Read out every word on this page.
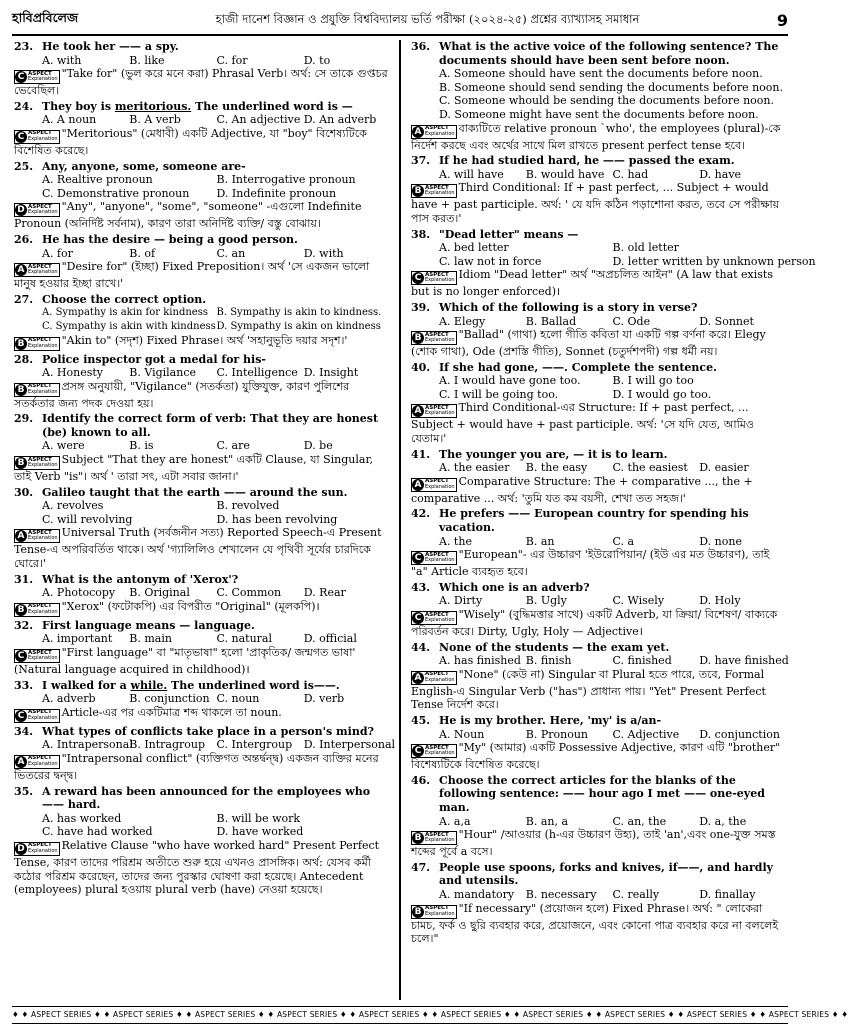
হাবিপ্রবিলেজ	হাজী দানেশ বিজ্ঞান ও প্রযুক্তি বিশ্ববিদ্যালয় ভর্তি পরীক্ষা (২০২৪-২৫) প্রশ্নের ব্যাখ্যাসহ সমাধান	9
23. He took her —— a spy.
A. with	B. like	C. for	D. to
C ASPECT
Explanation "Take for" (ভুল করে মনে করা) Phrasal Verb। অর্থ: সে তাকে গুপ্তচর ভেবেছিল।
24. They boy is meritorious. The underlined word is —
A. A noun	B. A verb	C. An adjective D. An adverb
C ASPECT
Explanation "Meritorious" (মেধাবী) একটি Adjective, যা "boy" বিশেষ্যটিকে বিশেষিত করেছে।
25. Any, anyone, some, someone are-
A. Realtive pronoun	B. Interrogative pronoun
C. Demonstrative pronoun	D. Indefinite pronoun
D ASPECT
Explanation "Any", "anyone", "some", "someone" -এগুলো Indefinite Pronoun (অনির্দিষ্ট সর্বনাম), কারণ তারা অনির্দিষ্ট ব্যক্তি/ বস্তু বোঝায়।
26. He has the desire — being a good person.
A. for	B. of	C. an	D. with
A ASPECT
Explanation "Desire for" (ইচ্ছা) Fixed Preposition। অর্থ 'সে একজন ভালো মানুষ হওয়ার ইচ্ছা রাখে।'
27. Choose the correct option.
A. Sympathy is akin for kindness B. Sympathy is akin to kindness.
C. Sympathy is akin with kindness D. Sympathy is akin on kindness
B ASPECT
Explanation "Akin to" (সদৃশ) Fixed Phrase। অর্থ 'সহানুভূতি দয়ার সদৃশ।'
28. Police inspector got a medal for his-
A. Honesty	B. Vigilance	C. Intelligence D. Insight
B ASPECT
Explanation প্রসঙ্গ অনুযায়ী, "Vigilance" (সতর্কতা) যুক্তিযুক্ত, কারণ পুলিশের সতর্কতার জন্য পদক দেওয়া হয়।
29. Identify the correct form of verb: That they are honest (be) known to all.
A. were	B. is	C. are	D. be
B ASPECT
Explanation Subject "That they are honest" একটি Clause, যা Singular, তাই Verb "is"। অর্থ ' তারা সৎ, এটা সবার জানা।'
30. Galileo taught that the earth —— around the sun.
A. revolves	B. revolved
C. will revolving	D. has been revolving
A ASPECT
Explanation Universal Truth (সর্বজনীন সত্য) Reported Speech-এ Present Tense-এ অপরিবর্তিত থাকে। অর্থ 'গ্যালিলিও শেখালেন যে পৃথিবী সূর্যের চারদিকে ঘোরে।'
31. What is the antonym of 'Xerox'?
A. Photocopy	B. Original	C. Common	D. Rear
B ASPECT
Explanation "Xerox" (ফটোকপি) এর বিপরীত "Original" (মূলকপি)।
32. First language means — language.
A. important	B. main	C. natural	D. official
C ASPECT
Explanation "First language" বা "মাতৃভাষা" হলো 'প্রাকৃতিক/ জন্মগত ভাষা' (Natural language acquired in childhood)।
33. I walked for a while. The underlined word is——.
A. adverb	B. conjunction C. noun	D. verb
C ASPECT
Explanation Article-এর পর একটিমাত্র শব্দ থাকলে তা noun.
34. What types of conflicts take place in a person's mind?
A. Intrapersonal
B. Intragroup	C. Intergroup	D. Interpersonal
A ASPECT
Explanation "Intrapersonal conflict" (ব্যক্তিগত অন্তর্দ্বন্দ্ব) একজন ব্যক্তির মনের ভিতরের দ্বন্দ্ব।
35. A reward has been announced for the employees who —— hard.
A. has worked	B. will be work
C. have had worked	D. have worked
D ASPECT
Explanation Relative Clause "who have worked hard" Present Perfect Tense, কারণ তাদের পরিশ্রম অতীতে শুরু হয়ে এখনও প্রাসঙ্গিক। অর্থ: যেসব কর্মী কঠোর পরিশ্রম করেছেন, তাদের জন্য পুরস্কার ঘোষণা করা হয়েছে। Antecedent (employees) plural হওয়ায় plural verb (have) নেওয়া হয়েছে।
36. What is the active voice of the following sentence? The documents should have been sent before noon.
A. Someone should have sent the documents before noon.
B. Someone should send sending the documents before noon.
C. Someone whould be sending the documents before noon.
D. Someone might have sent the documents before noon.
A ASPECT
Explanation বাক্যটিতে relative pronoun `who', the employees (plural)-কে নির্দেশ করছে এবং অর্থের সাথে মিল রাখতে present perfect tense হবে।
37. If he had studied hard, he —— passed the exam.
A. will have	B. would have C. had	D. have
B ASPECT
Explanation Third Conditional: If + past perfect, ... Subject + would have + past participle. অর্থ: ' যে যদি কঠিন পড়াশোনা করত, তবে সে পরীক্ষায় পাস করত।'
38. "Dead letter" means —
A. bed letter	B. old letter
C. law not in force	D. letter written by unknown person
C ASPECT
Explanation Idiom "Dead letter" অর্থ "অপ্রচলিত আইন" (A law that exists but is no longer enforced)।
39. Which of the following is a story in verse?
A. Elegy	B. Ballad	C. Ode	D. Sonnet
B ASPECT
Explanation "Ballad" (গাথা) হলো গীতি কবিতা যা একটি গল্প বর্ণনা করে। Elegy (শোক গাথা), Ode (প্রশস্তি গীতি), Sonnet (চতুর্দশপদী) গল্প ধর্মী নয়।
40. If she had gone, ——. Complete the sentence.
A. I would have gone too.	B. I will go too
C. I will be going too.	D. I would go too.
A ASPECT
Explanation Third Conditional-এর Structure: If + past perfect, ... Subject + would have + past participle. অর্থ: 'সে যদি যেত, আমিও যেতাম।'
41. The younger you are, — it is to learn.
A. the easier	B. the easy	C. the easiest	D. easier
A ASPECT
Explanation Comparative Structure: The + comparative ..., the + comparative ... অর্থ: 'তুমি যত কম বয়সী, শেখা তত সহজ।'
42. He prefers —— European country for spending his vacation.
A. the	B. an	C. a	D. none
C ASPECT
Explanation "European"- এর উচ্চারণ 'ইউরোপিয়ান/ (ইউ এর মত উচ্চারণ), তাই "a" Article ব্যবহৃত হবে।
43. Which one is an adverb?
A. Dirty	B. Ugly	C. Wisely	D. Holy
C ASPECT
Explanation "Wisely" (বুদ্ধিমত্তার সাথে) একটি Adverb, যা ক্রিয়া/ বিশেষণ/ বাক্যকে পরিবর্তন করে। Dirty, Ugly, Holy — Adjective।
44. None of the students — the exam yet.
A. has finished B. finish	C. finished	D. have finished
A ASPECT
Explanation "None" (কেউ না) Singular বা Plural হতে পারে, তবে, Formal English-এ Singular Verb ("has") প্রাধান্য পায়। "Yet" Present Perfect Tense নির্দেশ করে।
45. He is my brother. Here, 'my' is a/an-
A. Noun	B. Pronoun	C. Adjective	D. conjunction
C ASPECT
Explanation "My" (আমার) একটি Possessive Adjective, কারণ এটি "brother" বিশেষ্যটিকে বিশেষিত করেছে।
46. Choose the correct articles for the blanks of the following sentence: —— hour ago I met —— one-eyed man.
A. a,a	B. an, a	C. an, the	D. a, the
B ASPECT
Explanation "Hour" /আওয়ার (h-এর উচ্চারণ উহ্য), তাই 'an',এবং one-যুক্ত সমস্ত শব্দের পূর্বে a বসে।
47. People use spoons, forks and knives, if——, and hardly and utensils.
A. mandatory	B. necessary	C. really	D. finallay
B ASPECT
Explanation "If necessary" (প্রয়োজন হলে) Fixed Phrase। অর্থ: " লোকেরা চামচ, ফর্ক ও ছুরি ব্যবহার করে, প্রয়োজনে, এবং কোনো পাত্র ব্যবহার করে না বললেই চলে।"
♦ ♦ ASPECT SERIES ♦ ♦ ASPECT SERIES ♦ ♦ ASPECT SERIES ♦ ♦ ASPECT SERIES ♦ ♦ ASPECT SERIES ♦ ♦ ASPECT SERIES ♦ ♦ ASPECT SERIES ♦ ♦ ASPECT SERIES ♦ ♦ ASPECT SERIES ♦ ♦ ASPECT SERIES ♦ ♦
